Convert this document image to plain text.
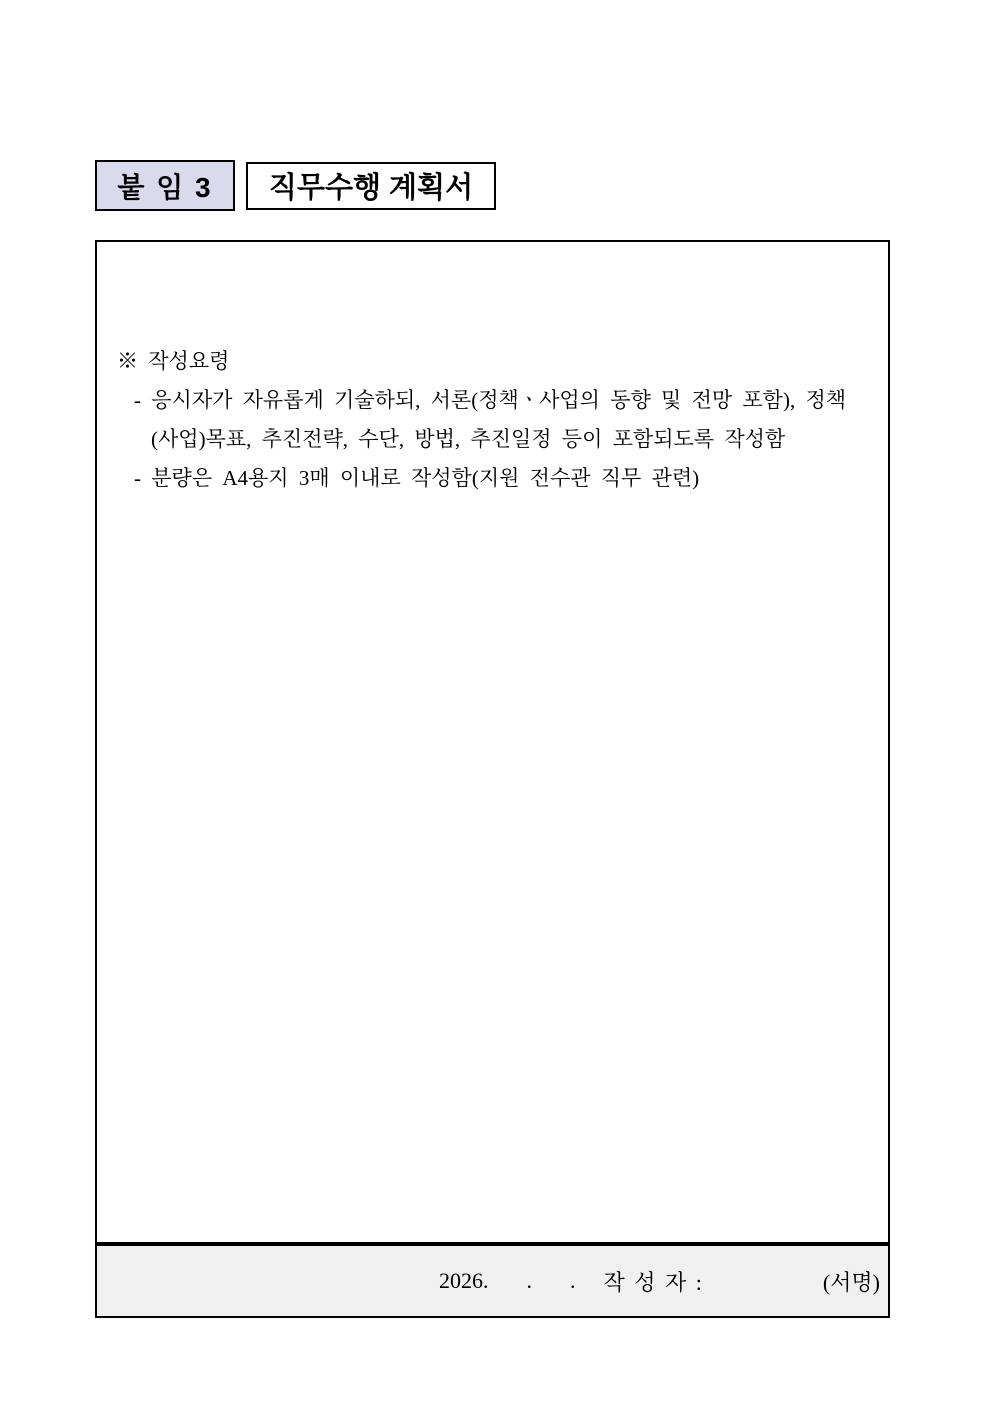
붙 임 3 직무수행 계획서
※ 작성요령
- 응시자가 자유롭게 기술하되, 서론(정책ㆍ사업의 동향 및 전망 포함), 정책
(사업)목표, 추진전략, 수단, 방법, 추진일정 등이 포함되도록 작성함
- 분량은 A4용지 3매 이내로 작성함(지원 전수관 직무 관련)
2026.    .    . 작 성 자 :	(서명)
